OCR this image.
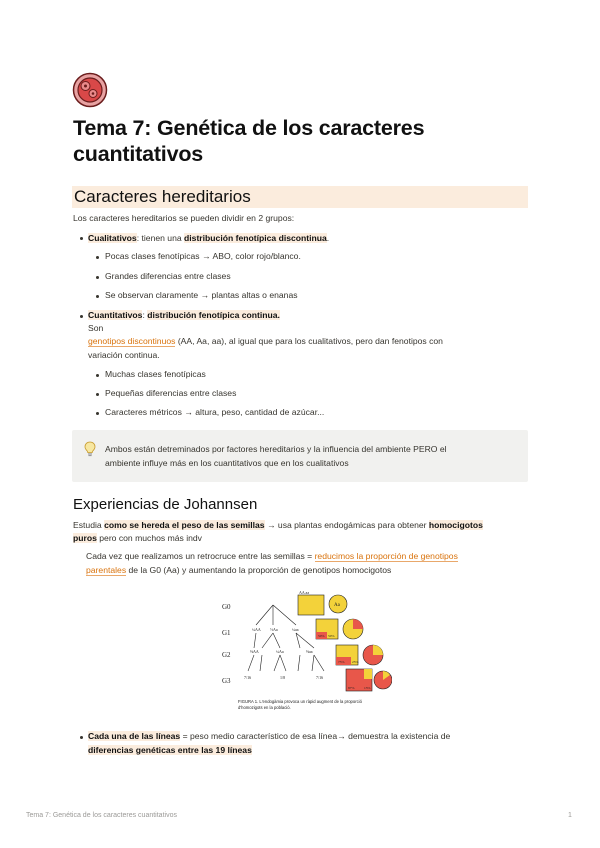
Tema 7: Genética de los caracteres cuantitativos
Caracteres hereditarios
Los caracteres hereditarios se pueden dividir en 2 grupos:
Cualitativos: tienen una distribución fenotípica discontinua.
Pocas clases fenotípicas → ABO, color rojo/blanco.
Grandes diferencias entre clases
Se observan claramente → plantas altas o enanas
Cuantitativos: distribución fenotípica continua.
Son
genotipos discontinuos (AA, Aa, aa), al igual que para los cualitativos, pero dan fenotipos con
variación continua.
Muchas clases fenotípicas
Pequeñas diferencias entre clases
Caracteres métricos → altura, peso, cantidad de azúcar...
Ambos están detreminados por factores hereditarios y la influencia del ambiente PERO el
ambiente influye más en los cuantitativos que en los cualitativos
Experiencias de Johannsen
Estudia como se hereda el peso de las semillas → usa plantas endogámicas para obtener homocigotos
puros pero con muchos más indv
Cada vez que realizamos un retrocruce entre las semillas = reducimos la proporción de genotipos
parentales de la G0 (Aa) y aumentando la proporción de genotipos homocigotos
G0
G1
G2
G3
¼AA ½Aa	¼aa
⅜AA	¼Aa	⅜aa
7/16	1/8	7/16
AA aa
Aa
50% 50%
75% 25%
87%	13%
FIGURA 1. L'endogàmia provoca un ràpid augment de la proporció
d'homozigots en la població.
Cada una de las líneas = peso medio característico de esa línea→ demuestra la existencia de
diferencias genéticas entre las 19 líneas
Tema 7: Genética de los caracteres cuantitativos	1
